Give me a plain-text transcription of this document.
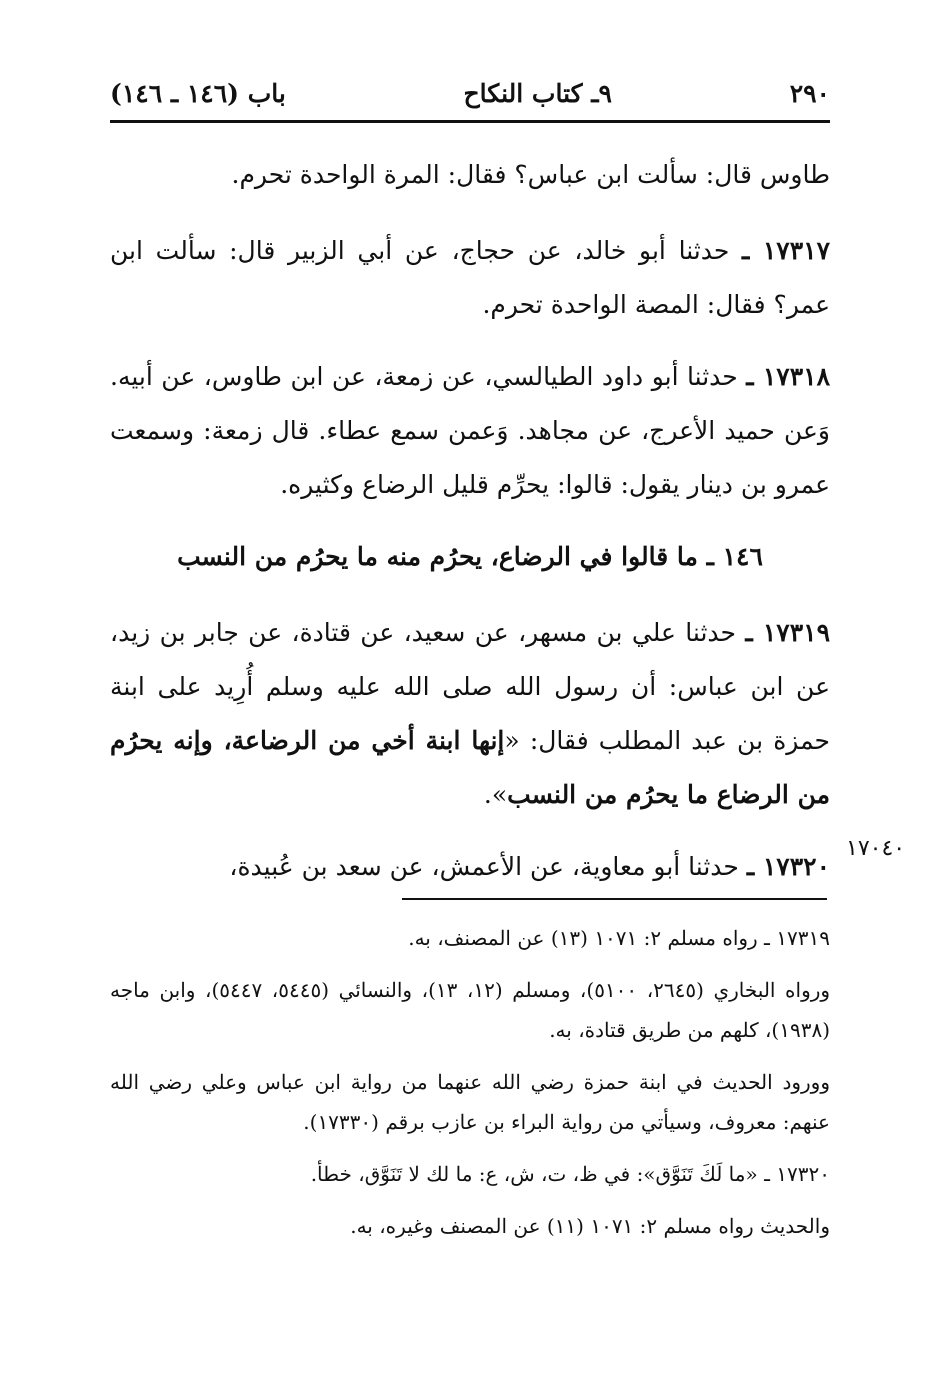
٢٩٠
٩ـ كتاب النكاح
باب (١٤٦ ـ ١٤٦)

طاوس قال: سألت ابن عباس؟ فقال: المرة الواحدة تحرم.

١٧٣١٧ ـ حدثنا أبو خالد، عن حجاج، عن أبي الزبير قال: سألت ابن عمر؟ فقال: المصة الواحدة تحرم.

١٧٣١٨ ـ حدثنا أبو داود الطيالسي، عن زمعة، عن ابن طاوس، عن أبيه. وَعن حميد الأعرج، عن مجاهد. وَعمن سمع عطاء. قال زمعة: وسمعت عمرو بن دينار يقول: قالوا: يحرِّم قليل الرضاع وكثيره.

١٤٦ ـ ما قالوا في الرضاع، يحرُم منه ما يحرُم من النسب

١٧٣١٩ ـ حدثنا علي بن مسهر، عن سعيد، عن قتادة، عن جابر بن زيد، عن ابن عباس: أن رسول الله صلى الله عليه وسلم أُرِيد على ابنة حمزة بن عبد المطلب فقال: «إنها ابنة أخي من الرضاعة، وإنه يحرُم من الرضاع ما يحرُم من النسب».

١٧٣٢٠ ـ حدثنا أبو معاوية، عن الأعمش، عن سعد بن عُبيدة،

١٧٠٤٠

١٧٣١٩ ـ رواه مسلم ٢: ١٠٧١ (١٣) عن المصنف، به.

ورواه البخاري (٢٦٤٥، ٥١٠٠)، ومسلم (١٢، ١٣)، والنسائي (٥٤٤٥، ٥٤٤٧)، وابن ماجه (١٩٣٨)، كلهم من طريق قتادة، به.

وورود الحديث في ابنة حمزة رضي الله عنهما من رواية ابن عباس وعلي رضي الله عنهم: معروف، وسيأتي من رواية البراء بن عازب برقم (١٧٣٣٠).

١٧٣٢٠ ـ «ما لَكَ تَنَوَّق»: في ظ، ت، ش، ع: ما لك لا تَنَوَّق، خطأ.

والحديث رواه مسلم ٢: ١٠٧١ (١١) عن المصنف وغيره، به.
